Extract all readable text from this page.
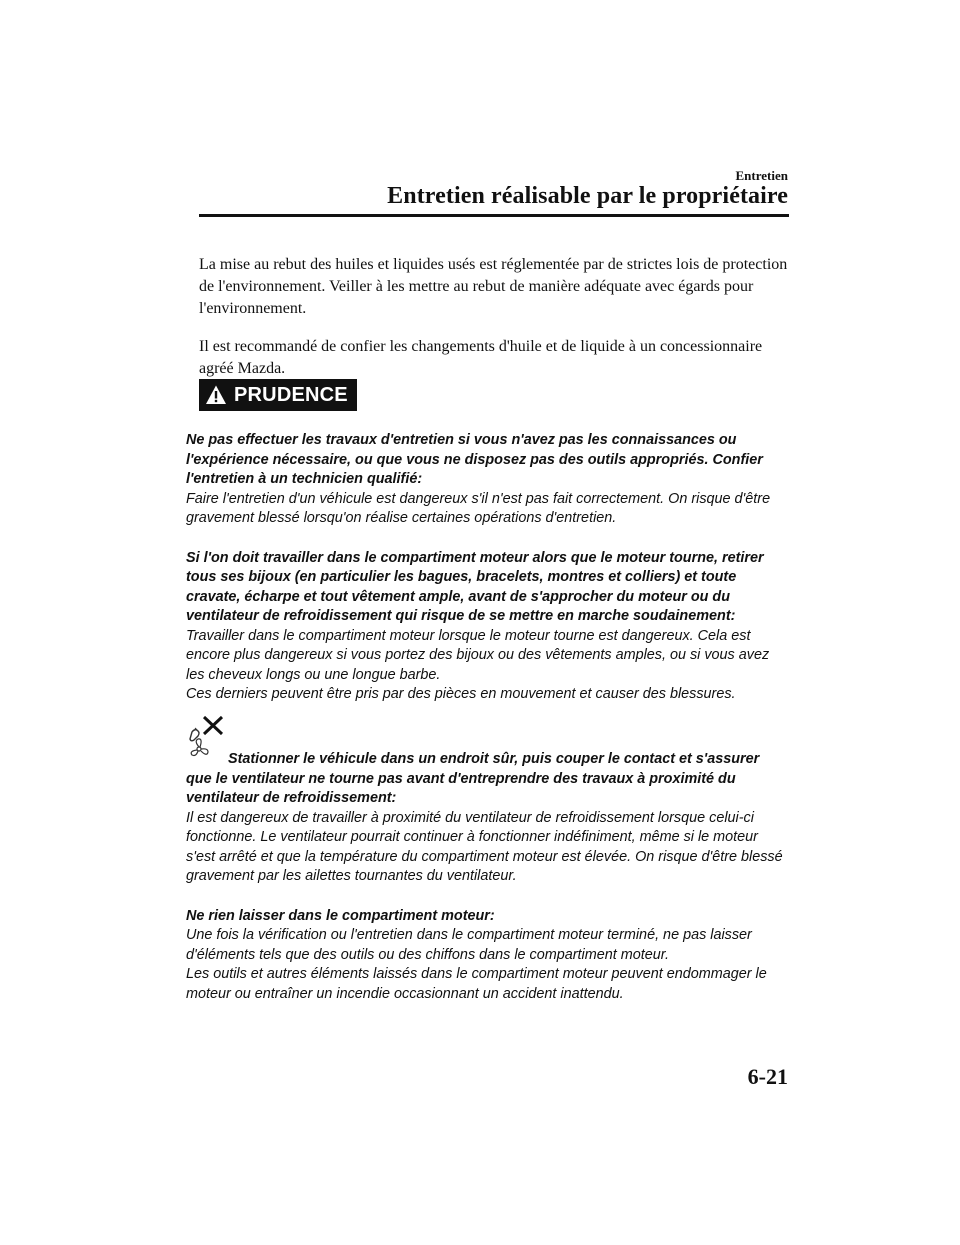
Entretien
Entretien réalisable par le propriétaire

La mise au rebut des huiles et liquides usés est réglementée par de strictes lois de protection de l'environnement. Veiller à les mettre au rebut de manière adéquate avec égards pour l'environnement.

Il est recommandé de confier les changements d'huile et de liquide à un concessionnaire agréé Mazda.

PRUDENCE

Ne pas effectuer les travaux d'entretien si vous n'avez pas les connaissances ou l'expérience nécessaire, ou que vous ne disposez pas des outils appropriés. Confier l'entretien à un technicien qualifié:

Faire l'entretien d'un véhicule est dangereux s'il n'est pas fait correctement. On risque d'être gravement blessé lorsqu'on réalise certaines opérations d'entretien.

Si l'on doit travailler dans le compartiment moteur alors que le moteur tourne, retirer tous ses bijoux (en particulier les bagues, bracelets, montres et colliers) et toute cravate, écharpe et tout vêtement ample, avant de s'approcher du moteur ou du ventilateur de refroidissement qui risque de se mettre en marche soudainement:

Travailler dans le compartiment moteur lorsque le moteur tourne est dangereux. Cela est encore plus dangereux si vous portez des bijoux ou des vêtements amples, ou si vous avez les cheveux longs ou une longue barbe.

Ces derniers peuvent être pris par des pièces en mouvement et causer des blessures.

Stationner le véhicule dans un endroit sûr, puis couper le contact et s'assurer que le ventilateur ne tourne pas avant d'entreprendre des travaux à proximité du ventilateur de refroidissement:

Il est dangereux de travailler à proximité du ventilateur de refroidissement lorsque celui-ci fonctionne. Le ventilateur pourrait continuer à fonctionner indéfiniment, même si le moteur s'est arrêté et que la température du compartiment moteur est élevée. On risque d'être blessé gravement par les ailettes tournantes du ventilateur.

Ne rien laisser dans le compartiment moteur:

Une fois la vérification ou l'entretien dans le compartiment moteur terminé, ne pas laisser d'éléments tels que des outils ou des chiffons dans le compartiment moteur.

Les outils et autres éléments laissés dans le compartiment moteur peuvent endommager le moteur ou entraîner un incendie occasionnant un accident inattendu.

6-21
